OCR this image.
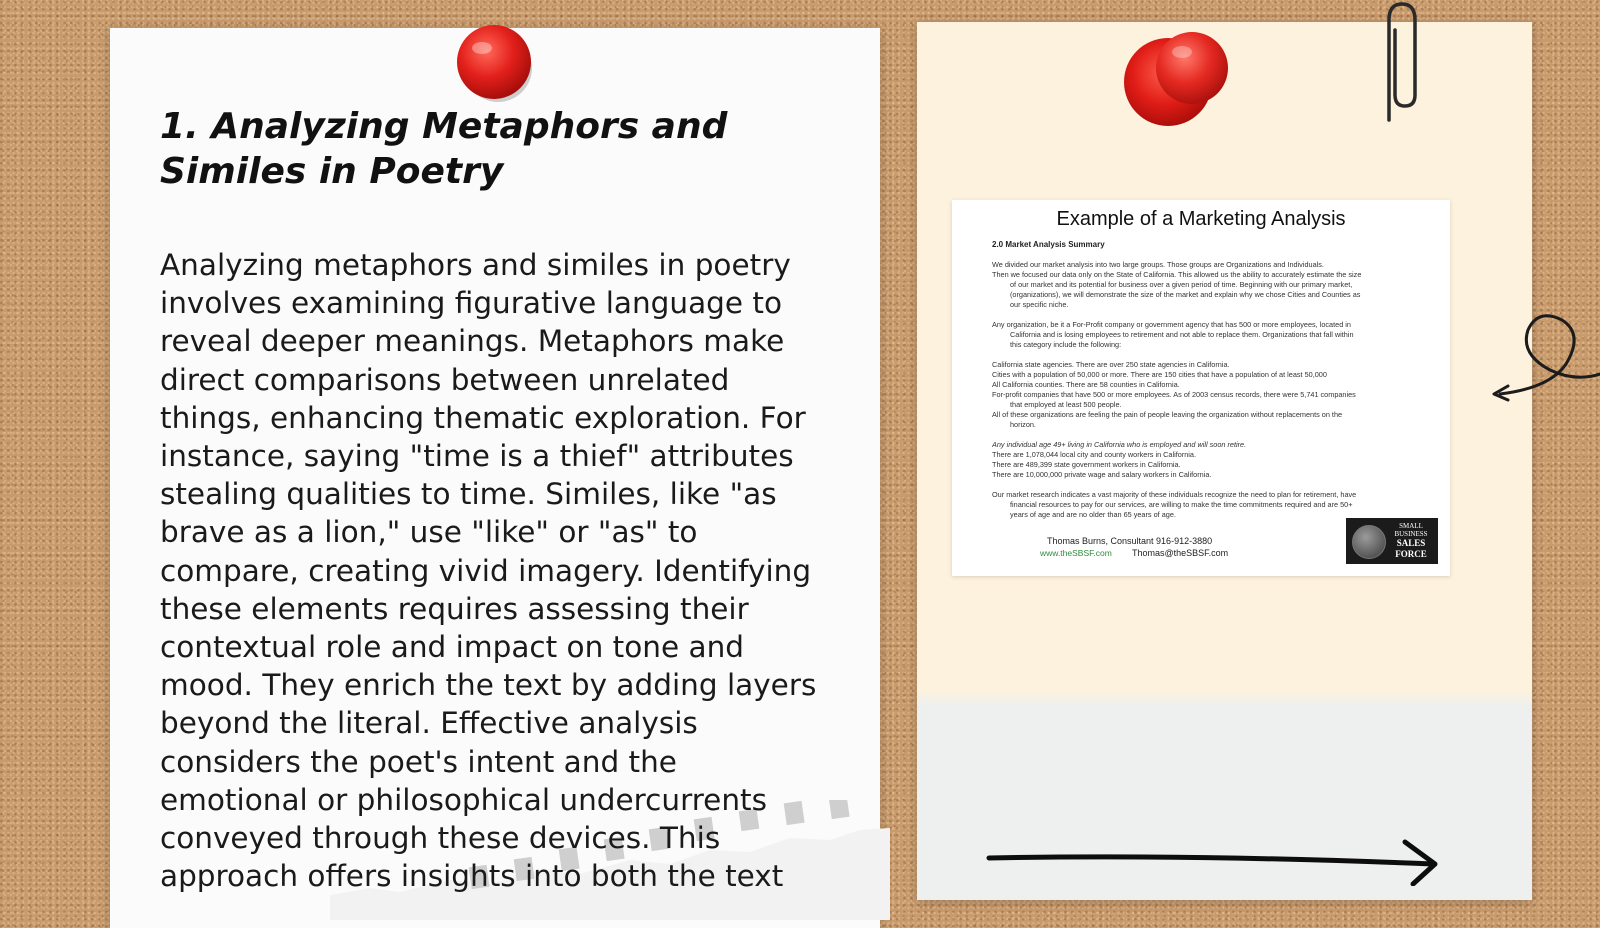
1. Analyzing Metaphors and Similes in Poetry

Analyzing metaphors and similes in poetry involves examining figurative language to reveal deeper meanings. Metaphors make direct comparisons between unrelated things, enhancing thematic exploration. For instance, saying "time is a thief" attributes stealing qualities to time. Similes, like "as brave as a lion," use "like" or "as" to compare, creating vivid imagery. Identifying these elements requires assessing their contextual role and impact on tone and mood. They enrich the text by adding layers beyond the literal. Effective analysis considers the poet's intent and the emotional or philosophical undercurrents conveyed through these devices. This approach offers insights into both the text

Example of a Marketing Analysis
2.0 Market Analysis Summary
We divided our market analysis into two large groups. Those groups are Organizations and Individuals.
Then we focused our data only on the State of California. This allowed us the ability to accurately estimate the size
of our market and its potential for business over a given period of time. Beginning with our primary market,
(organizations), we will demonstrate the size of the market and explain why we chose Cities and Counties as
our specific niche.
Any organization, be it a For-Profit company or government agency that has 500 or more employees, located in
California and is losing employees to retirement and not able to replace them. Organizations that fall within
this category include the following:
California state agencies. There are over 250 state agencies in California.
Cities with a population of 50,000 or more. There are 150 cities that have a population of at least 50,000
All California counties. There are 58 counties in California.
For-profit companies that have 500 or more employees. As of 2003 census records, there were 5,741 companies
that employed at least 500 people.
All of these organizations are feeling the pain of people leaving the organization without replacements on the
horizon.
Any individual age 49+ living in California who is employed and will soon retire.
There are 1,078,044 local city and county workers in California.
There are 489,399 state government workers in California.
There are 10,000,000 private wage and salary workers in California.
Our market research indicates a vast majority of these individuals recognize the need to plan for retirement, have
financial resources to pay for our services, are willing to make the time commitments required and are 50+
years of age and are no older than 65 years of age.
Thomas Burns, Consultant 916-912-3880
www.theSBSF.com Thomas@theSBSF.com
SMALL BUSINESS
SALES
FORCE
